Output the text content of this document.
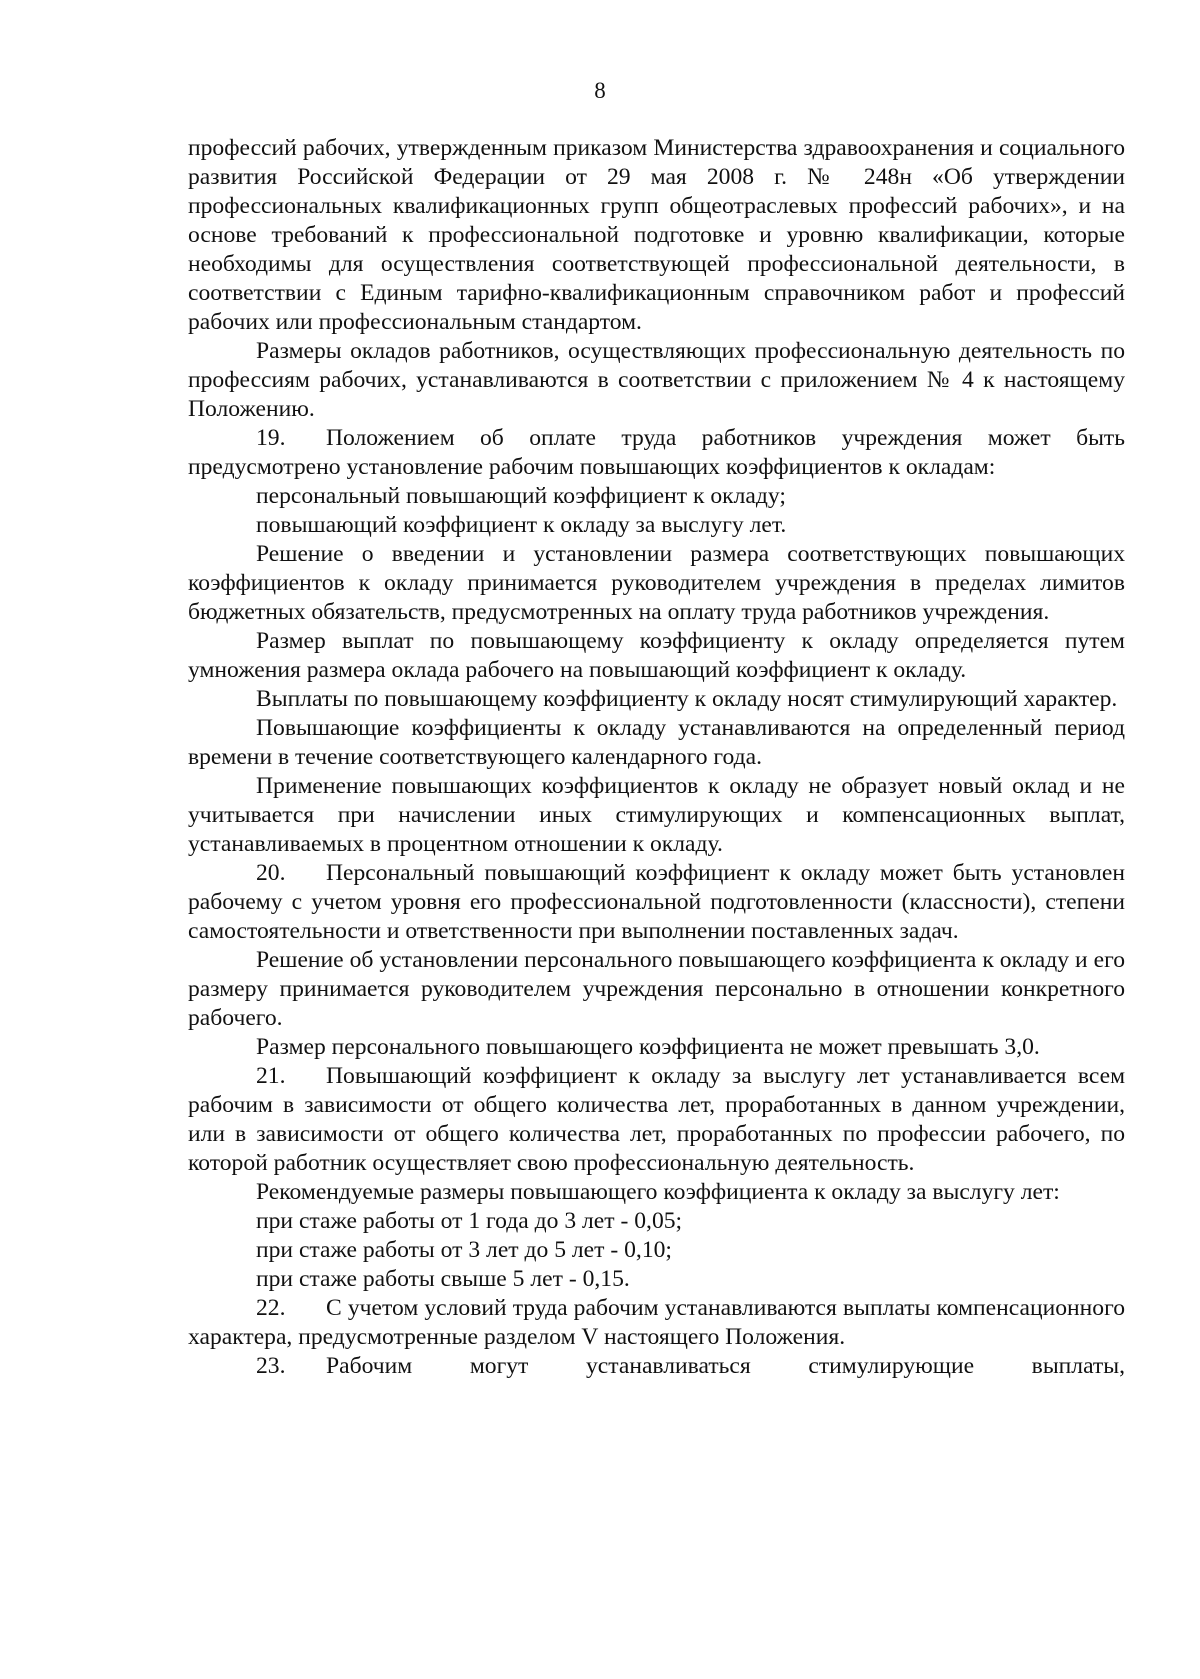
8

профессий рабочих, утвержденным приказом Министерства здравоохранения и социального развития Российской Федерации от 29 мая 2008 г. № 248н «Об утверждении профессиональных квалификационных групп общеотраслевых профессий рабочих», и на основе требований к профессиональной подготовке и уровню квалификации, которые необходимы для осуществления соответствующей профессиональной деятельности, в соответствии с Единым тарифно-квалификационным справочником работ и профессий рабочих или профессиональным стандартом.

Размеры окладов работников, осуществляющих профессиональную деятельность по профессиям рабочих, устанавливаются в соответствии с приложением № 4 к настоящему Положению.

19. Положением об оплате труда работников учреждения может быть предусмотрено установление рабочим повышающих коэффициентов к окладам:

персональный повышающий коэффициент к окладу;

повышающий коэффициент к окладу за выслугу лет.

Решение о введении и установлении размера соответствующих повышающих коэффициентов к окладу принимается руководителем учреждения в пределах лимитов бюджетных обязательств, предусмотренных на оплату труда работников учреждения.

Размер выплат по повышающему коэффициенту к окладу определяется путем умножения размера оклада рабочего на повышающий коэффициент к окладу.

Выплаты по повышающему коэффициенту к окладу носят стимулирующий характер.

Повышающие коэффициенты к окладу устанавливаются на определенный период времени в течение соответствующего календарного года.

Применение повышающих коэффициентов к окладу не образует новый оклад и не учитывается при начислении иных стимулирующих и компенсационных выплат, устанавливаемых в процентном отношении к окладу.

20. Персональный повышающий коэффициент к окладу может быть установлен рабочему с учетом уровня его профессиональной подготовленности (классности), степени самостоятельности и ответственности при выполнении поставленных задач.

Решение об установлении персонального повышающего коэффициента к окладу и его размеру принимается руководителем учреждения персонально в отношении конкретного рабочего.

Размер персонального повышающего коэффициента не может превышать 3,0.

21. Повышающий коэффициент к окладу за выслугу лет устанавливается всем рабочим в зависимости от общего количества лет, проработанных в данном учреждении, или в зависимости от общего количества лет, проработанных по профессии рабочего, по которой работник осуществляет свою профессиональную деятельность.

Рекомендуемые размеры повышающего коэффициента к окладу за выслугу лет:

при стаже работы от 1 года до 3 лет - 0,05;

при стаже работы от 3 лет до 5 лет - 0,10;

при стаже работы свыше 5 лет - 0,15.

22. С учетом условий труда рабочим устанавливаются выплаты компенсационного характера, предусмотренные разделом V настоящего Положения.

23. Рабочим могут устанавливаться стимулирующие выплаты,
